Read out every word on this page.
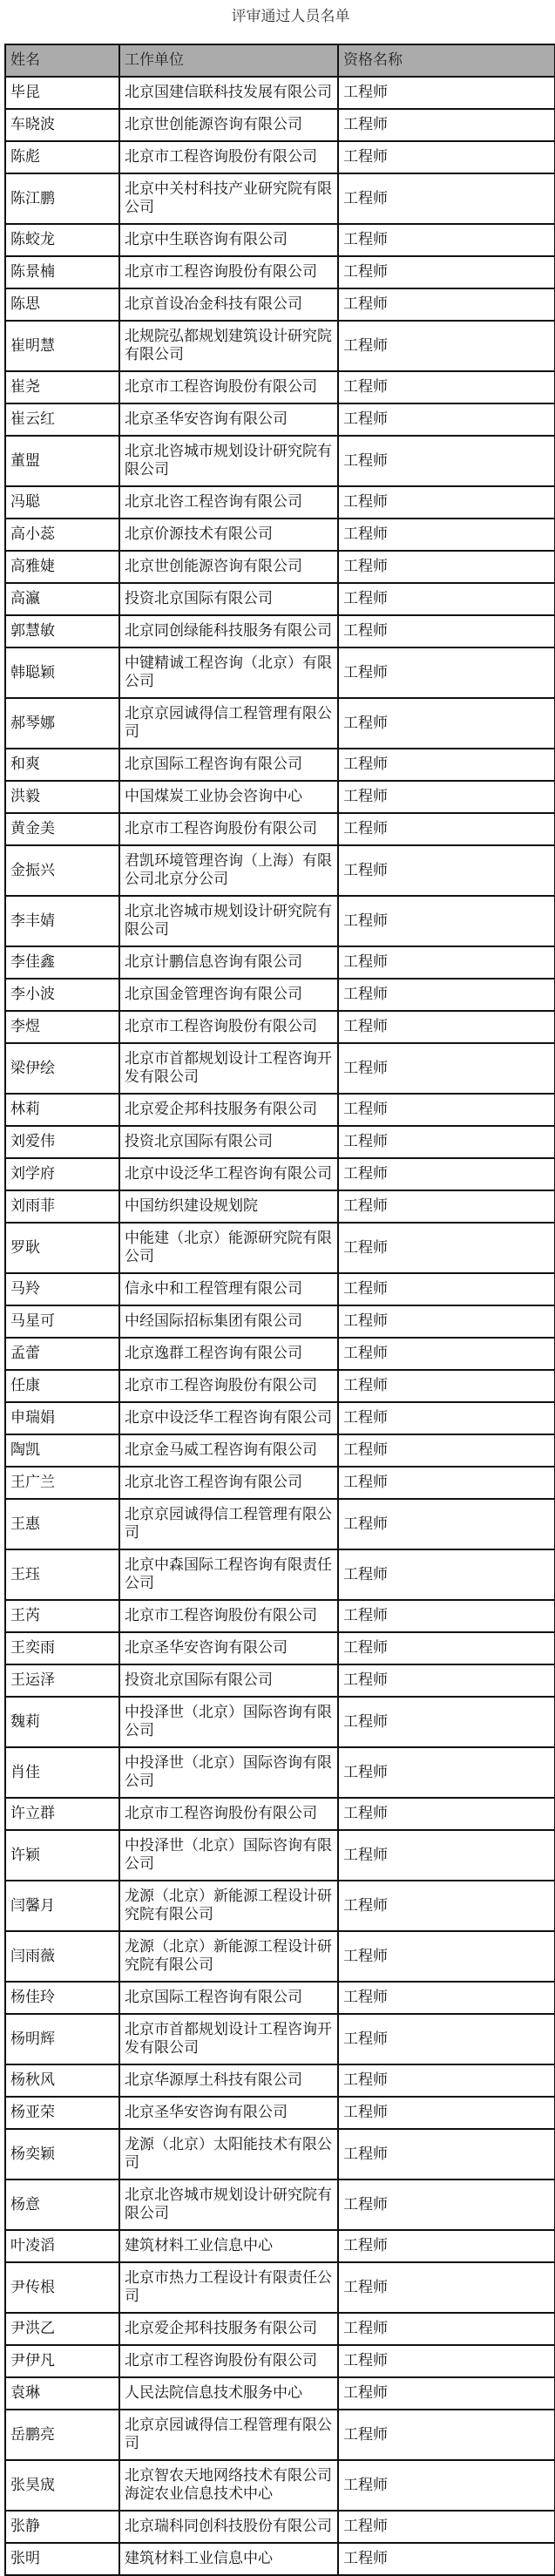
评审通过人员名单
姓名	工作单位	资格名称
毕昆	北京国建信联科技发展有限公司	工程师
车晓波	北京世创能源咨询有限公司	工程师
陈彪	北京市工程咨询股份有限公司	工程师
陈江鹏	北京中关村科技产业研究院有限公司	工程师
陈蛟龙	北京中生联咨询有限公司	工程师
陈景楠	北京市工程咨询股份有限公司	工程师
陈思	北京首设冶金科技有限公司	工程师
崔明慧	北规院弘都规划建筑设计研究院有限公司	工程师
崔尧	北京市工程咨询股份有限公司	工程师
崔云红	北京圣华安咨询有限公司	工程师
董盟	北京北咨城市规划设计研究院有限公司	工程师
冯聪	北京北咨工程咨询有限公司	工程师
高小蕊	北京价源技术有限公司	工程师
高雅婕	北京世创能源咨询有限公司	工程师
高瀛	投资北京国际有限公司	工程师
郭慧敏	北京同创绿能科技服务有限公司	工程师
韩聪颖	中键精诚工程咨询（北京）有限公司	工程师
郝琴娜	北京京园诚得信工程管理有限公司	工程师
和爽	北京国际工程咨询有限公司	工程师
洪毅	中国煤炭工业协会咨询中心	工程师
黄金美	北京市工程咨询股份有限公司	工程师
金振兴	君凯环境管理咨询（上海）有限公司北京分公司	工程师
李丰婧	北京北咨城市规划设计研究院有限公司	工程师
李佳鑫	北京计鹏信息咨询有限公司	工程师
李小波	北京国金管理咨询有限公司	工程师
李煜	北京市工程咨询股份有限公司	工程师
梁伊绘	北京市首都规划设计工程咨询开发有限公司	工程师
林莉	北京爱企邦科技服务有限公司	工程师
刘爱伟	投资北京国际有限公司	工程师
刘学府	北京中设泛华工程咨询有限公司	工程师
刘雨菲	中国纺织建设规划院	工程师
罗耿	中能建（北京）能源研究院有限公司	工程师
马羚	信永中和工程管理有限公司	工程师
马星可	中经国际招标集团有限公司	工程师
孟蕾	北京逸群工程咨询有限公司	工程师
任康	北京市工程咨询股份有限公司	工程师
申瑞娟	北京中设泛华工程咨询有限公司	工程师
陶凯	北京金马威工程咨询有限公司	工程师
王广兰	北京北咨工程咨询有限公司	工程师
王惠	北京京园诚得信工程管理有限公司	工程师
王珏	北京中森国际工程咨询有限责任公司	工程师
王芮	北京市工程咨询股份有限公司	工程师
王奕雨	北京圣华安咨询有限公司	工程师
王运泽	投资北京国际有限公司	工程师
魏莉	中投泽世（北京）国际咨询有限公司	工程师
肖佳	中投泽世（北京）国际咨询有限公司	工程师
许立群	北京市工程咨询股份有限公司	工程师
许颖	中投泽世（北京）国际咨询有限公司	工程师
闫馨月	龙源（北京）新能源工程设计研究院有限公司	工程师
闫雨薇	龙源（北京）新能源工程设计研究院有限公司	工程师
杨佳玲	北京国际工程咨询有限公司	工程师
杨明辉	北京市首都规划设计工程咨询开发有限公司	工程师
杨秋风	北京华源厚土科技有限公司	工程师
杨亚荣	北京圣华安咨询有限公司	工程师
杨奕颖	龙源（北京）太阳能技术有限公司	工程师
杨意	北京北咨城市规划设计研究院有限公司	工程师
叶凌滔	建筑材料工业信息中心	工程师
尹传根	北京市热力工程设计有限责任公司	工程师
尹洪乙	北京爱企邦科技服务有限公司	工程师
尹伊凡	北京市工程咨询股份有限公司	工程师
袁琳	人民法院信息技术服务中心	工程师
岳鹏亮	北京京园诚得信工程管理有限公司	工程师
张昊宬	北京智农天地网络技术有限公司海淀农业信息技术中心	工程师
张静	北京瑞科同创科技股份有限公司	工程师
张明	建筑材料工业信息中心	工程师
